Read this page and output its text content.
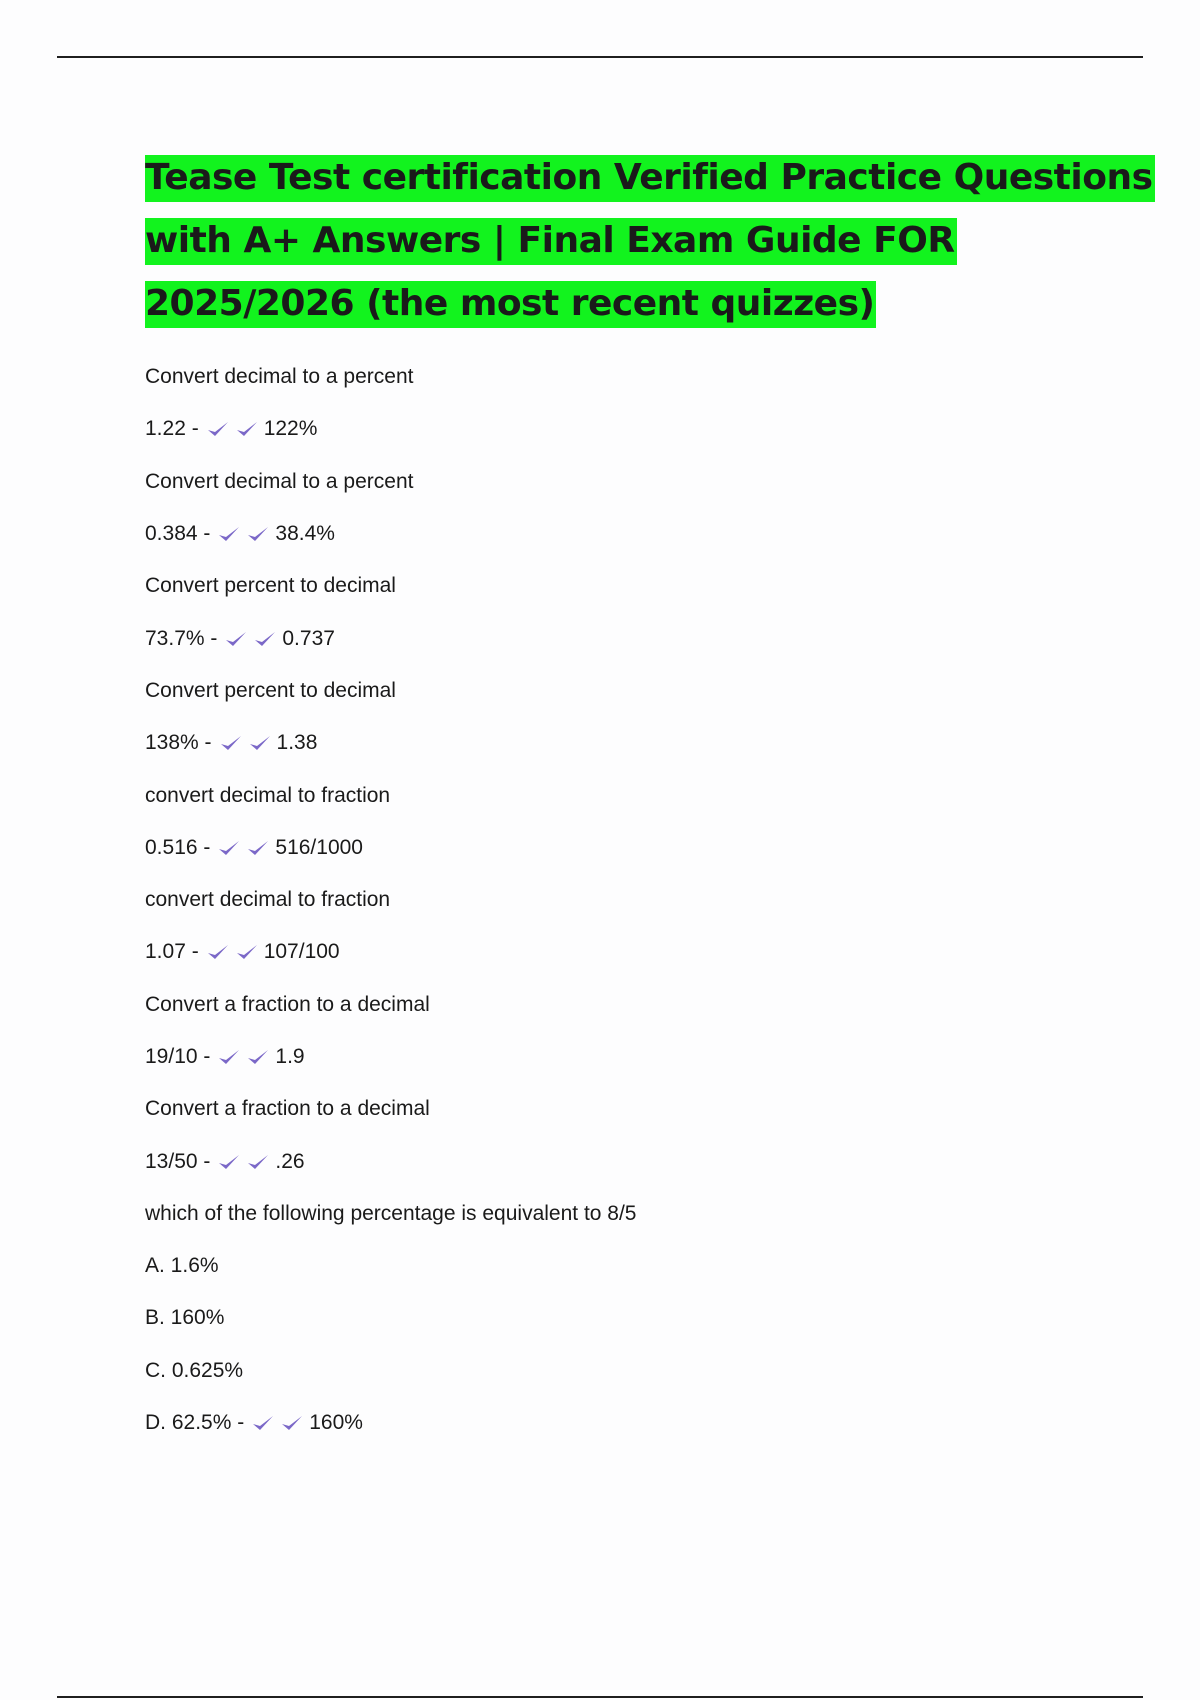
Tease Test certification Verified Practice Questions
with A+ Answers | Final Exam Guide FOR
2025/2026 (the most recent quizzes)
Convert decimal to a percent
1.22 -	122%
Convert decimal to a percent
0.384 -	38.4%
Convert percent to decimal
73.7% -	0.737
Convert percent to decimal
138% -	1.38
convert decimal to fraction
0.516 -	516/1000
convert decimal to fraction
1.07 -	107/100
Convert a fraction to a decimal
19/10 -	1.9
Convert a fraction to a decimal
13/50 -	.26
which of the following percentage is equivalent to 8/5
A. 1.6%
B. 160%
C. 0.625%
D. 62.5% -	160%
